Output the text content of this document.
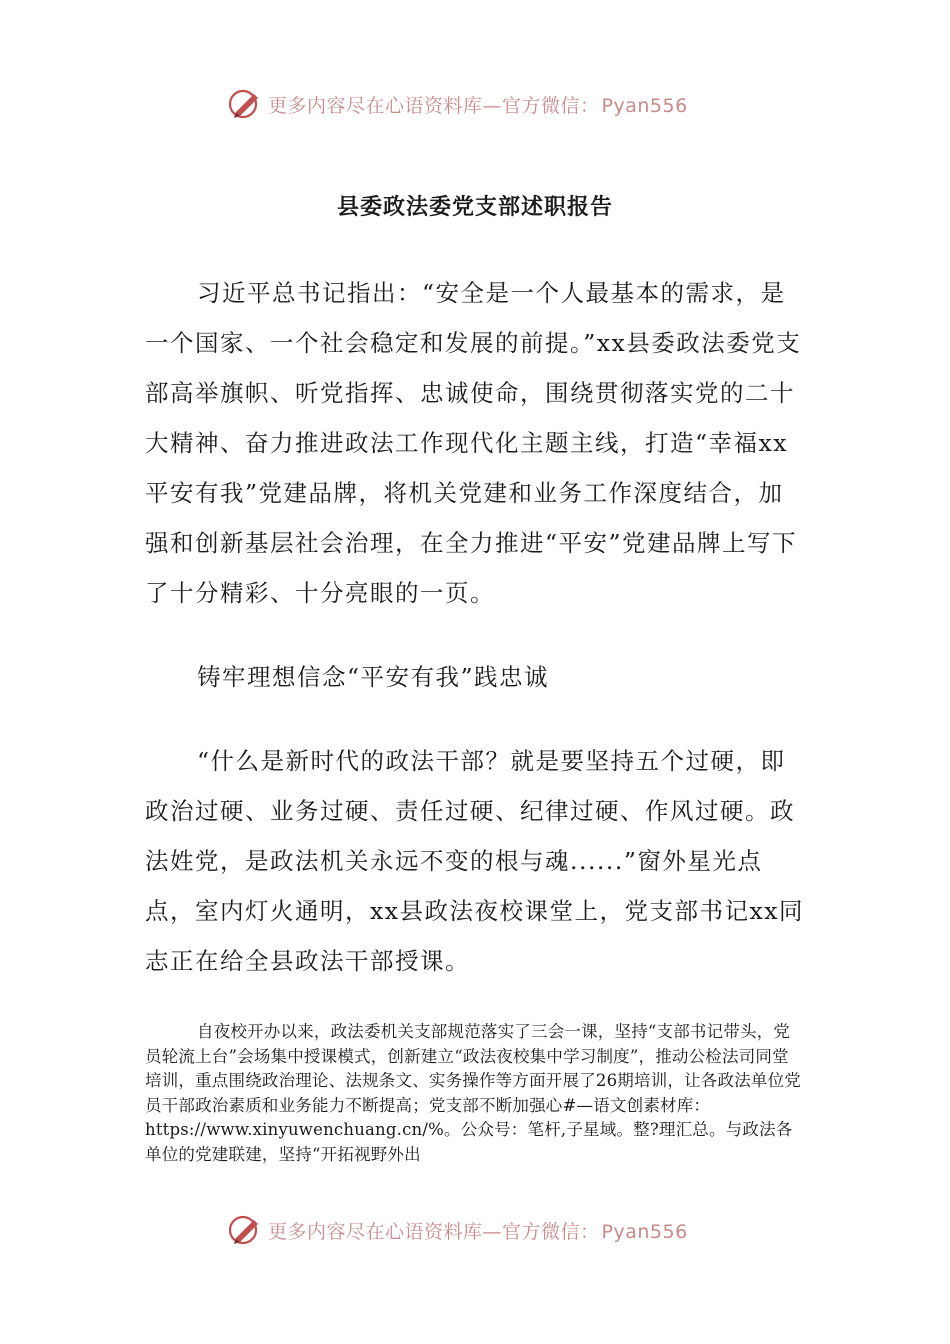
更多内容尽在心语资料库—官方微信： Pyan556
县委政法委党支部述职报告

习近平总书记指出：“安全是一个人最基本的需求，是一个国家、一个社会稳定和发展的前提。”xx县委政法委党支部高举旗帜、听党指挥、忠诚使命，围绕贯彻落实党的二十大精神、奋力推进政法工作现代化主题主线，打造“幸福xx平安有我”党建品牌，将机关党建和业务工作深度结合，加强和创新基层社会治理，在全力推进“平安”党建品牌上写下了十分精彩、十分亮眼的一页。

铸牢理想信念“平安有我”践忠诚

“什么是新时代的政法干部？就是要坚持五个过硬，即政治过硬、业务过硬、责任过硬、纪律过硬、作风过硬。政法姓党，是政法机关永远不变的根与魂......”窗外星光点点，室内灯火通明，xx县政法夜校课堂上，党支部书记xx同志正在给全县政法干部授课。

自夜校开办以来，政法委机关支部规范落实了三会一课，坚持“支部书记带头，党员轮流上台”会场集中授课模式，创新建立“政法夜校集中学习制度”，推动公检法司同堂培训，重点围绕政治理论、法规条文、实务操作等方面开展了26期培训，让各政法单位党员干部政治素质和业务能力不断提高；党支部不断加强心#—语文创素材库：https://www.xinyuwenchuang.cn/%。公众号：笔杆,子星域。整?理汇总。与政法各单位的党建联建，坚持“开拓视野外出

更多内容尽在心语资料库—官方微信： Pyan556
